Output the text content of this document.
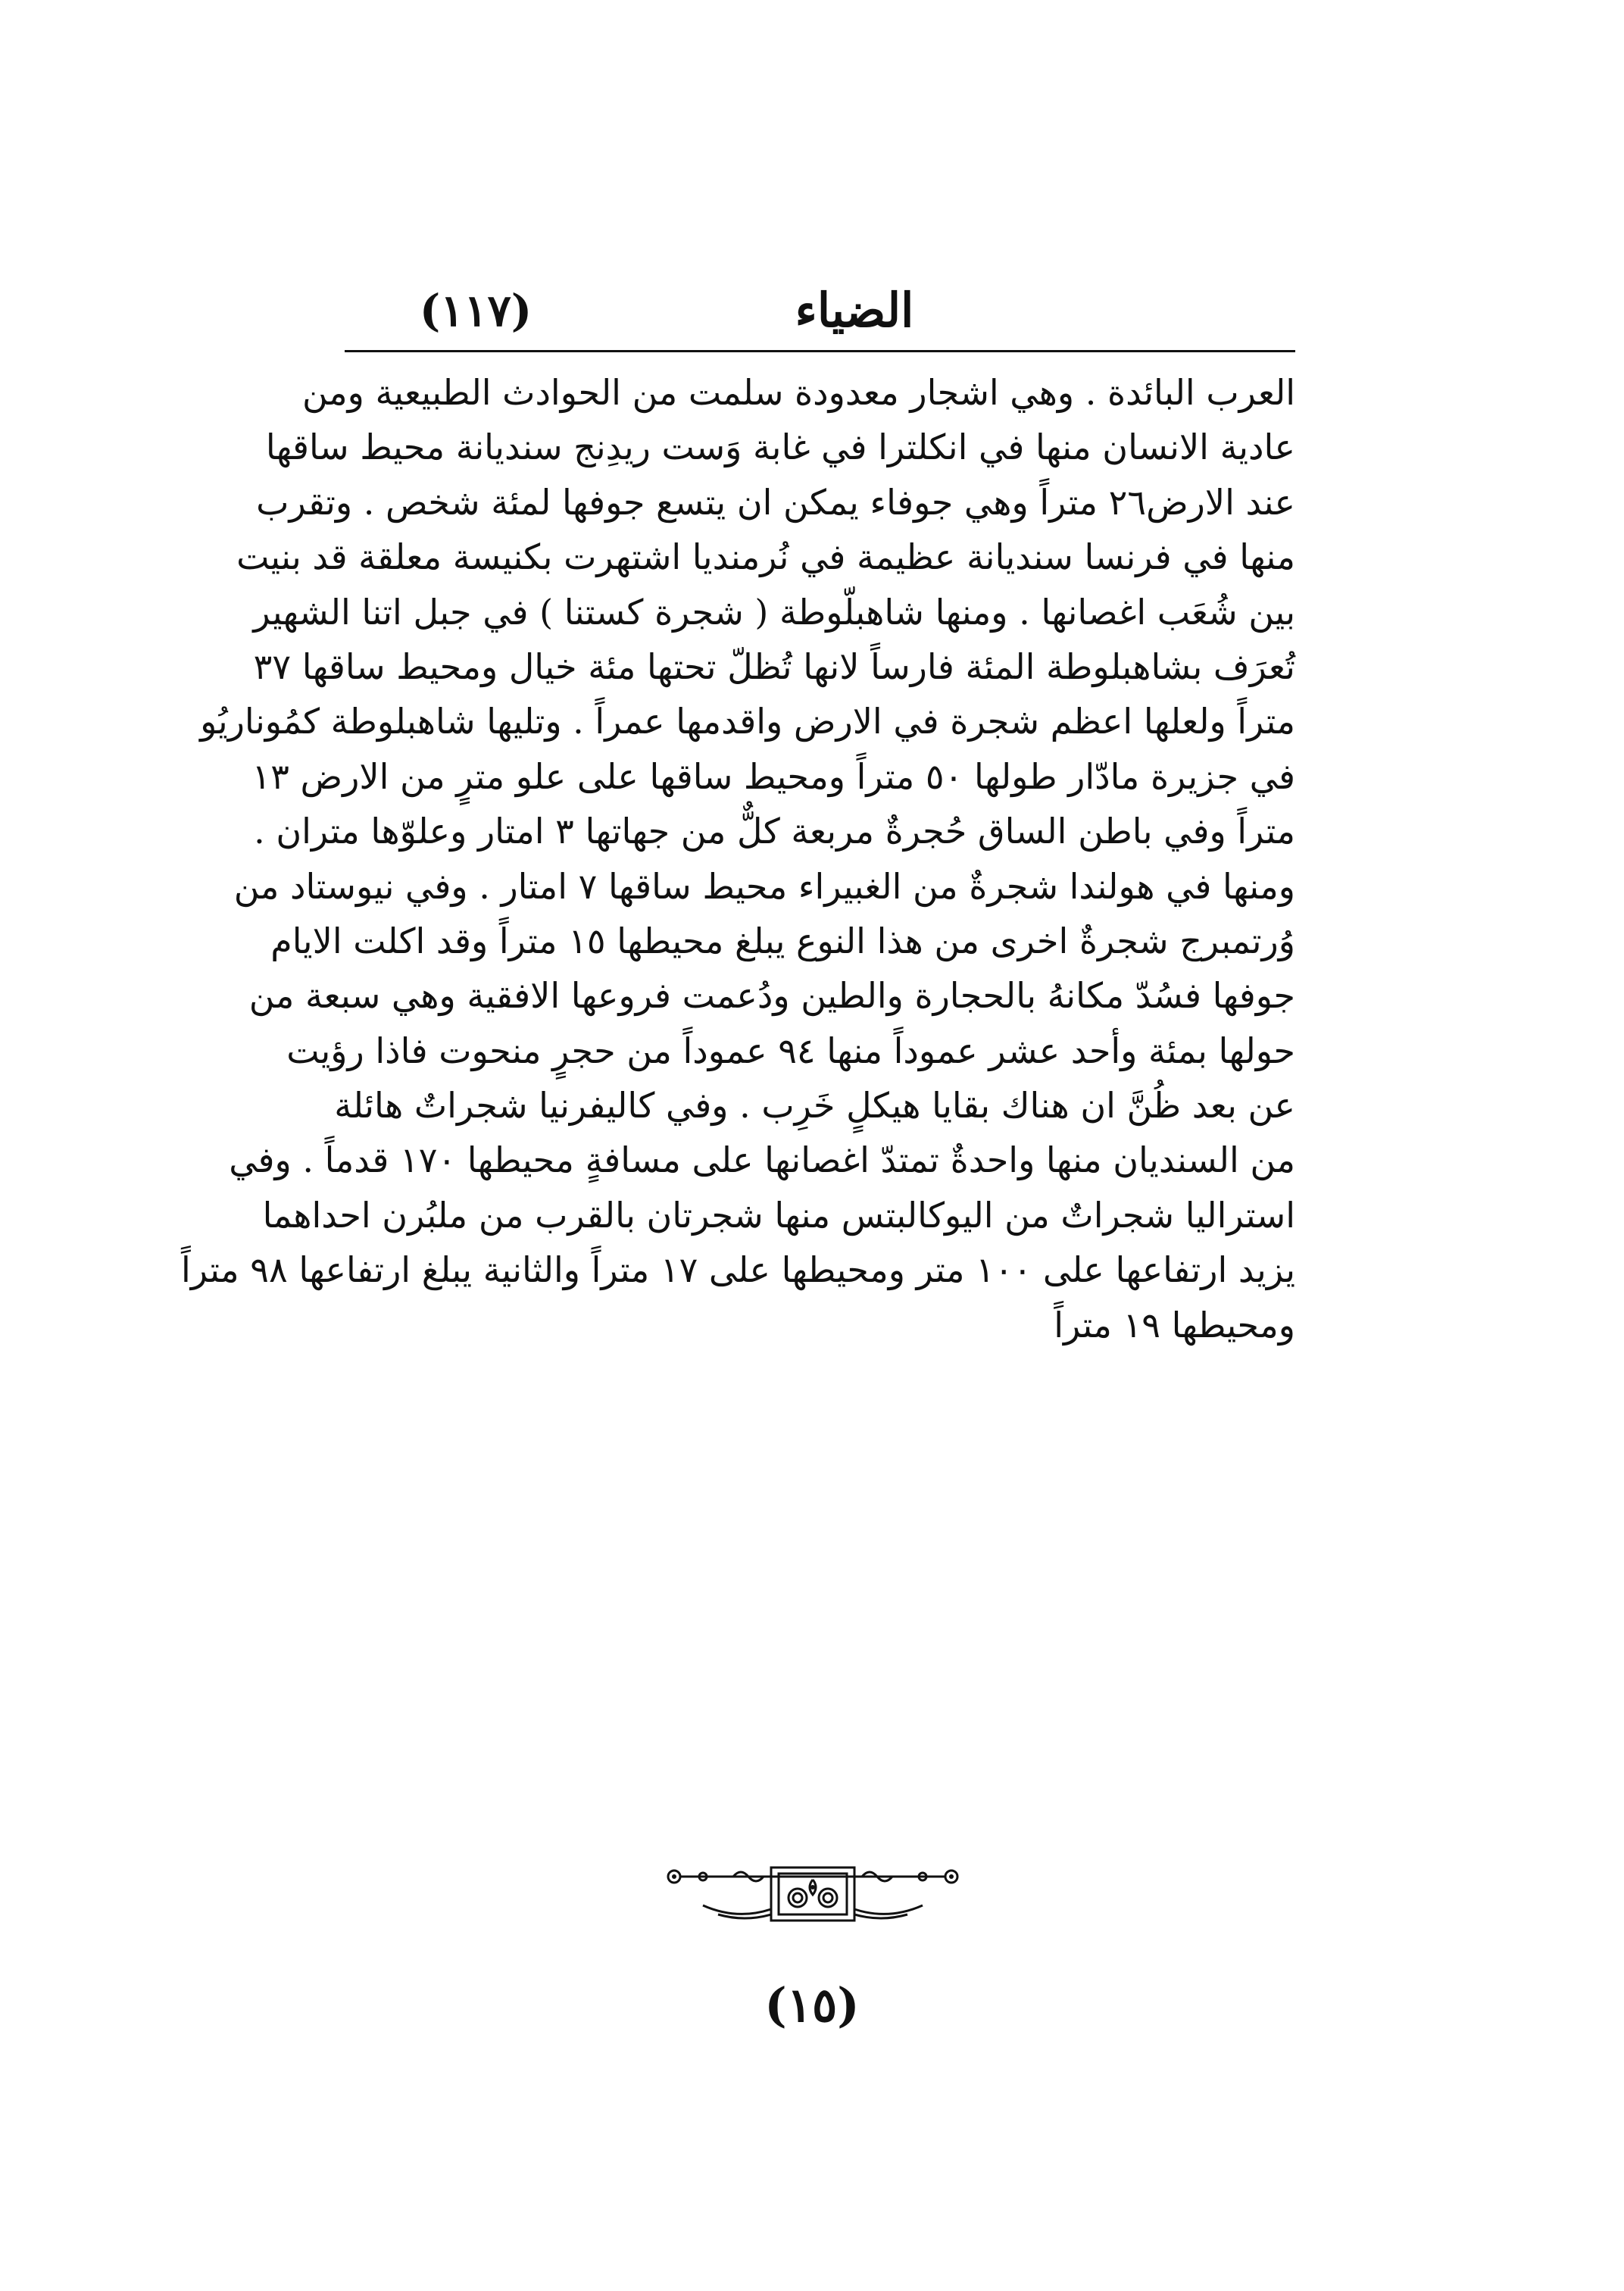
الضياء
(١١٧)
العرب البائدة . وهي اشجار معدودة سلمت من الحوادث الطبيعية ومن
عادية الانسان منها في انكلترا في غابة وَست ريدِنج سنديانة محيط ساقها
عند الارض٢٦ متراً وهي جوفاء يمكن ان يتسع جوفها لمئة شخص . وتقرب
منها في فرنسا سنديانة عظيمة في نُرمنديا اشتهرت بكنيسة معلقة قد بنيت
بين شُعَب اغصانها . ومنها شاهبلّوطة ( شجرة كستنا ) في جبل اتنا الشهير
تُعرَف بشاهبلوطة المئة فارساً لانها تُظلّ تحتها مئة خيال ومحيط ساقها ٣٧
متراً ولعلها اعظم شجرة في الارض واقدمها عمراً . وتليها شاهبلوطة كمُوناريُو
في جزيرة مادّار طولها ٥٠ متراً ومحيط ساقها على علو مترٍ من الارض ١٣
متراً وفي باطن الساق حُجرةٌ مربعة كلٌّ من جهاتها ٣ امتار وعلوّها متران .
ومنها في هولندا شجرةٌ من الغبيراء محيط ساقها ٧ امتار . وفي نيوستاد من
وُرتمبرج شجرةٌ اخرى من هذا النوع يبلغ محيطها ١٥ متراً وقد اكلت الايام
جوفها فسُدّ مكانهُ بالحجارة والطين ودُعمت فروعها الافقية وهي سبعة من
حولها بمئة وأحد عشر عموداً منها ٩٤ عموداً من حجرٍ منحوت فاذا رؤيت
عن بعد ظُنَّ ان هناك بقايا هيكلٍ خَرِب . وفي كاليفرنيا شجراتٌ هائلة
من السنديان منها واحدةٌ تمتدّ اغصانها على مسافةٍ محيطها ١٧٠ قدماً . وفي
استراليا شجراتٌ من اليوكالبتس منها شجرتان بالقرب من ملبُرن احداهما
يزيد ارتفاعها على ١٠٠ متر ومحيطها على ١٧ متراً والثانية يبلغ ارتفاعها ٩٨ متراً
ومحيطها ١٩ متراً
(١٥)
